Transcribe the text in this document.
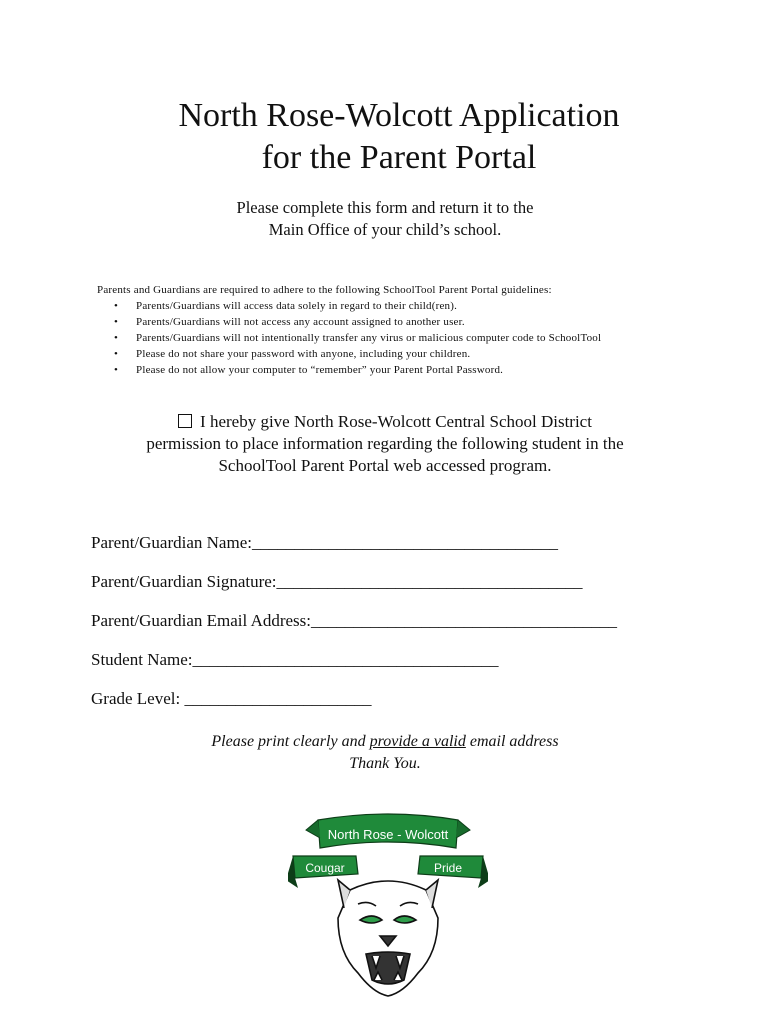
North Rose-Wolcott Application
for the Parent Portal
Please complete this form and return it to the
Main Office of your child’s school.
Parents and Guardians are required to adhere to the following SchoolTool Parent Portal guidelines:
• Parents/Guardians will access data solely in regard to their child(ren).
• Parents/Guardians will not access any account assigned to another user.
• Parents/Guardians will not intentionally transfer any virus or malicious computer code to SchoolTool
• Please do not share your password with anyone, including your children.
• Please do not allow your computer to “remember” your Parent Portal Password.
I hereby give North Rose-Wolcott Central School District
permission to place information regarding the following student in the
SchoolTool Parent Portal web accessed program.
Parent/Guardian Name:____________________________________
Parent/Guardian Signature:____________________________________
Parent/Guardian Email Address:____________________________________
Student Name:____________________________________
Grade Level: ______________________
Please print clearly and provide a valid email address
Thank You.
North Rose - Wolcott
Cougar	Pride
